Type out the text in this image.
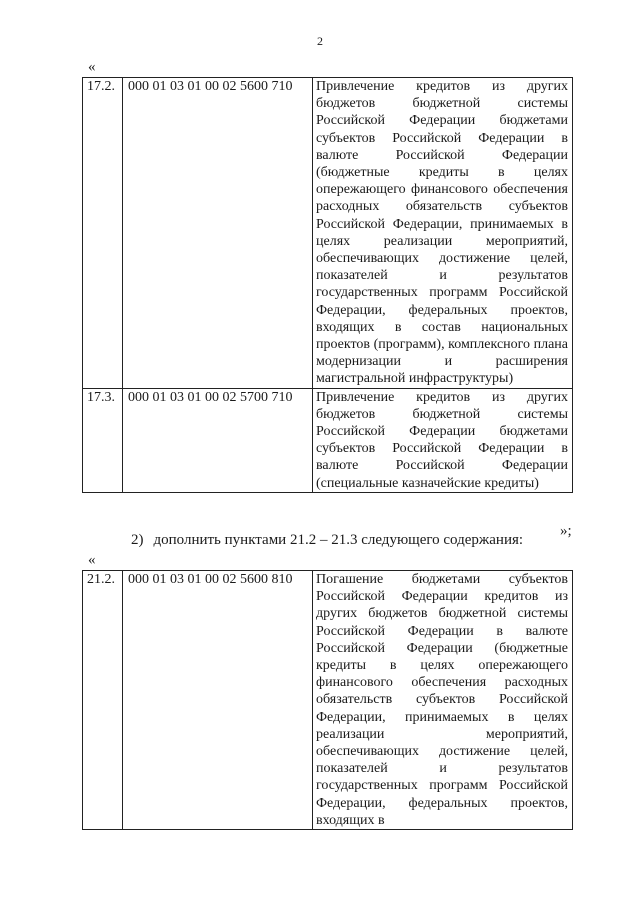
2
«
17.2.	000 01 03 01 00 02 5600 710	Привлечение кредитов из других бюджетов бюджетной системы Российской Федерации бюджетами субъектов Российской Федерации в валюте Российской Федерации (бюджетные кредиты в целях опережающего финансового обеспечения расходных обязательств субъектов Российской Федерации, принимаемых в целях реализации мероприятий, обеспечивающих достижение целей, показателей и результатов государственных программ Российской Федерации, федеральных проектов, входящих в состав национальных проектов (программ), комплексного плана модернизации и расширения магистральной инфраструктуры)
17.3.	000 01 03 01 00 02 5700 710	Привлечение кредитов из других бюджетов бюджетной системы Российской Федерации бюджетами субъектов Российской Федерации в валюте Российской Федерации (специальные казначейские кредиты)
»;
2) дополнить пунктами 21.2 – 21.3 следующего содержания:
«
21.2.	000 01 03 01 00 02 5600 810	Погашение бюджетами субъектов Российской Федерации кредитов из других бюджетов бюджетной системы Российской Федерации в валюте Российской Федерации (бюджетные кредиты в целях опережающего финансового обеспечения расходных обязательств субъектов Российской Федерации, принимаемых в целях реализации мероприятий, обеспечивающих достижение целей, показателей и результатов государственных программ Российской Федерации, федеральных проектов, входящих в
